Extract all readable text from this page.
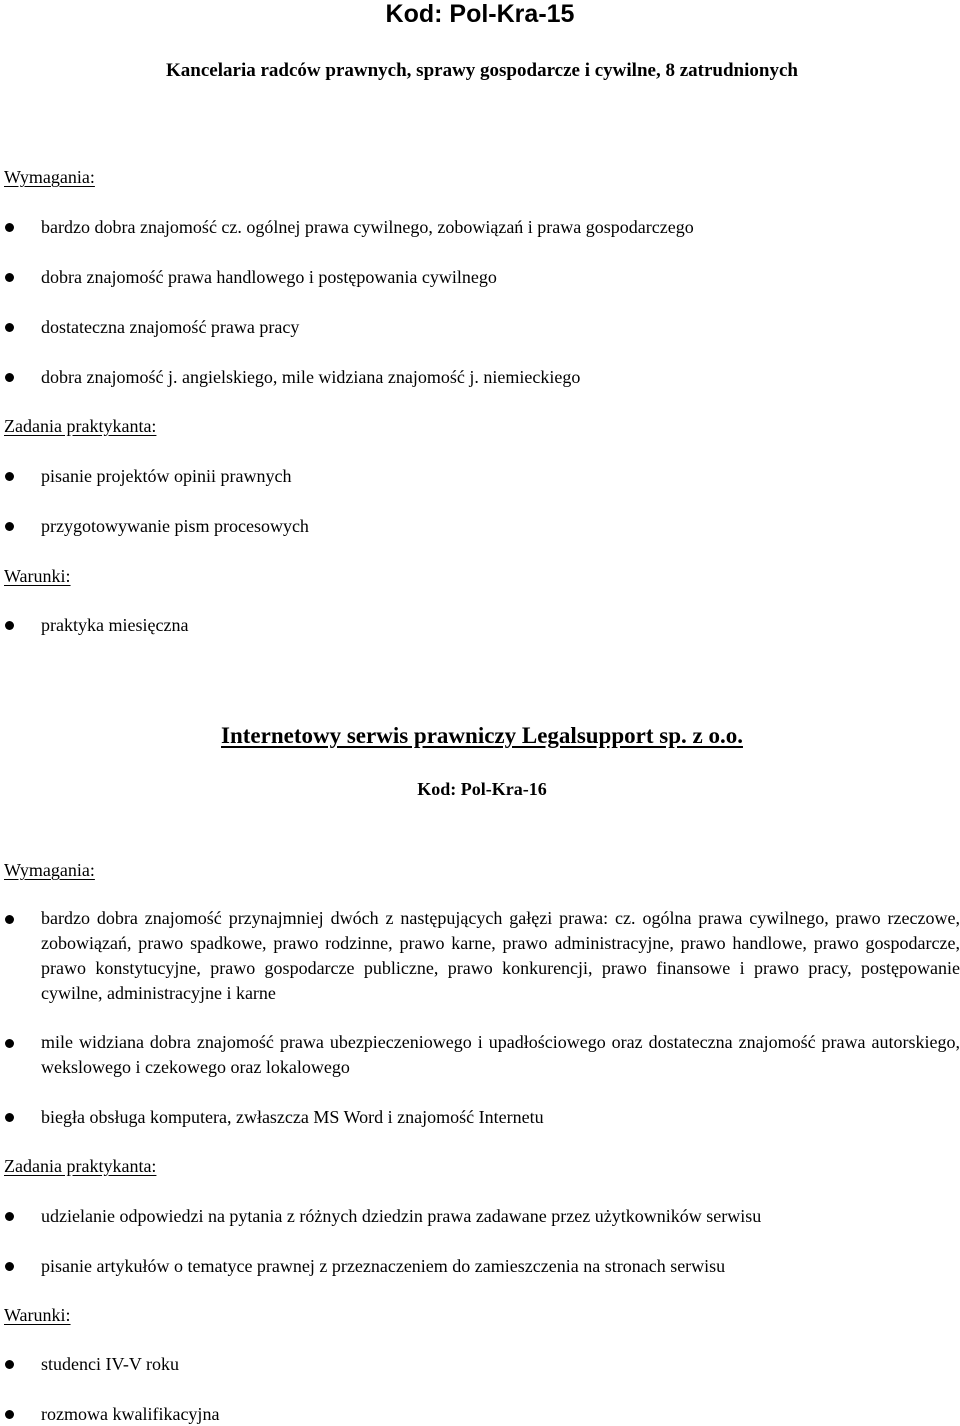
Kod: Pol-Kra-15
Kancelaria radców prawnych, sprawy gospodarcze i cywilne, 8 zatrudnionych
Wymagania:
bardzo dobra znajomość cz. ogólnej prawa cywilnego, zobowiązań i prawa gospodarczego
dobra znajomość prawa handlowego i postępowania cywilnego
dostateczna znajomość prawa pracy
dobra znajomość j. angielskiego, mile widziana znajomość j. niemieckiego
Zadania praktykanta:
pisanie projektów opinii prawnych
przygotowywanie pism procesowych
Warunki:
praktyka miesięczna
Internetowy serwis prawniczy Legalsupport sp. z o.o.
Kod: Pol-Kra-16
Wymagania:
bardzo dobra znajomość przynajmniej dwóch z następujących gałęzi prawa: cz. ogólna prawa cywilnego, prawo rzeczowe, zobowiązań, prawo spadkowe, prawo rodzinne, prawo karne, prawo administracyjne, prawo handlowe, prawo gospodarcze, prawo konstytucyjne, prawo gospodarcze publiczne, prawo konkurencji, prawo finansowe i prawo pracy, postępowanie cywilne, administracyjne i karne
mile widziana dobra znajomość prawa ubezpieczeniowego i upadłościowego oraz dostateczna znajomość prawa autorskiego, wekslowego i czekowego oraz lokalowego
biegła obsługa komputera, zwłaszcza MS Word i znajomość Internetu
Zadania praktykanta:
udzielanie odpowiedzi na pytania z różnych dziedzin prawa zadawane przez użytkowników serwisu
pisanie artykułów o tematyce prawnej z przeznaczeniem do zamieszczenia na stronach serwisu
Warunki:
studenci IV-V roku
rozmowa kwalifikacyjna
